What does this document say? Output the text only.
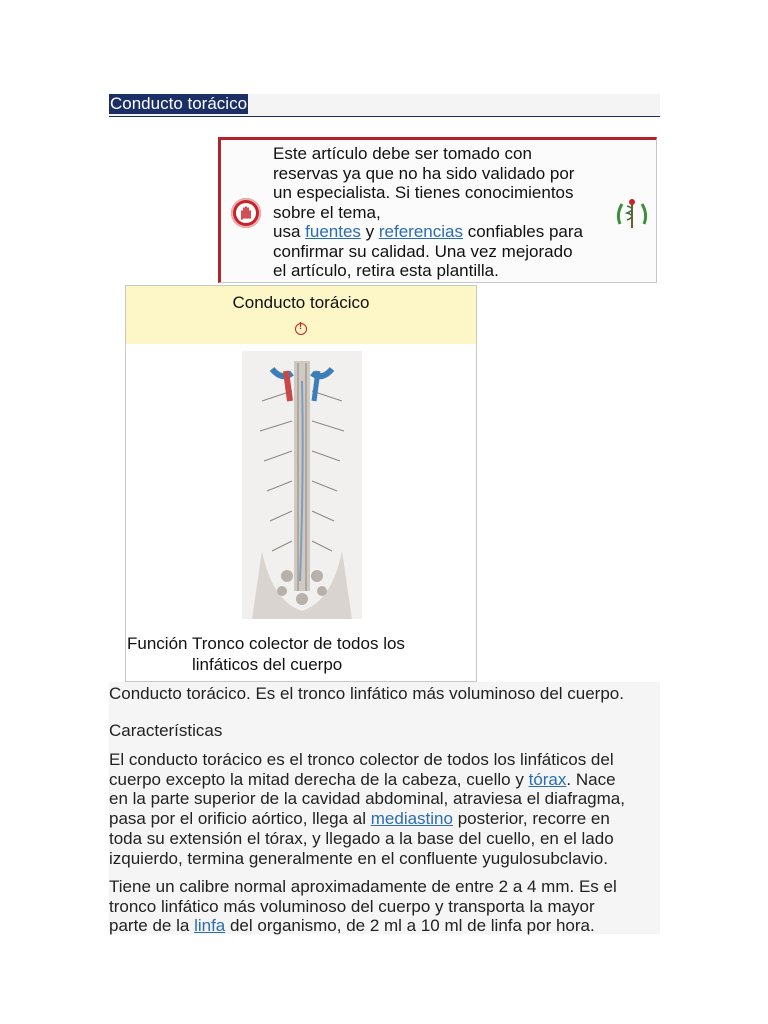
Conducto torácico
Este artículo debe ser tomado con
reservas ya que no ha sido validado por
un especialista. Si tienes conocimientos
sobre el tema,
usa fuentes y referencias confiables para
confirmar su calidad. Una vez mejorado
el artículo, retira esta plantilla.
Conducto torácico
!
Función Tronco colector de todos los
linfáticos del cuerpo
Conducto torácico. Es el tronco linfático más voluminoso del cuerpo.
Características
El conducto torácico es el tronco colector de todos los linfáticos del
cuerpo excepto la mitad derecha de la cabeza, cuello y tórax. Nace
en la parte superior de la cavidad abdominal, atraviesa el diafragma,
pasa por el orificio aórtico, llega al mediastino posterior, recorre en
toda su extensión el tórax, y llegado a la base del cuello, en el lado
izquierdo, termina generalmente en el confluente yugulosubclavio.
Tiene un calibre normal aproximadamente de entre 2 a 4 mm. Es el
tronco linfático más voluminoso del cuerpo y transporta la mayor
parte de la linfa del organismo, de 2 ml a 10 ml de linfa por hora.
